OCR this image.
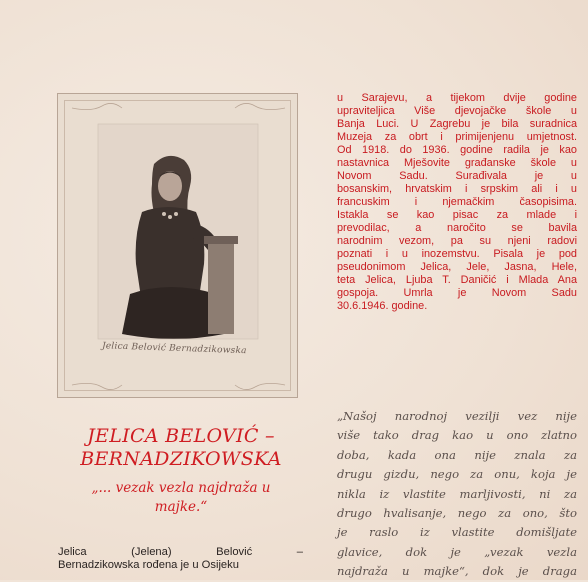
Jelica Belović Bernadzikowska
JELICA BELOVIĆ –
BERNADZIKOWSKA
„... vezak vezla najdraža u
majke.“
Jelica (Jelena) Belović –
Bernadzikowska rođena je u Osijeku
u Sarajevu, a tijekom dvije godine
upraviteljica Više djevojačke škole u
Banja Luci. U Zagrebu je bila suradnica
Muzeja za obrt i primijenjenu umjetnost.
Od 1918. do 1936. godine radila je kao
nastavnica Mješovite građanske škole u
Novom Sadu. Surađivala je u
bosanskim, hrvatskim i srpskim ali i u
francuskim i njemačkim časopisima.
Istakla se kao pisac za mlade i
prevodilac, a naročito se bavila
narodnim vezom, pa su njeni radovi
poznati i u inozemstvu. Pisala je pod
pseudonimom Jelica, Jele, Jasna, Hele,
teta Jelica, Ljuba T. Daničić i Mlada Ana
gospoja. Umrla je Novom Sadu
30.6.1946. godine.
„Našoj narodnoj vezilji vez nije
više tako drag kao u ono zlatno
doba, kada ona nije znala za
drugu gizdu, nego za onu, koja je
nikla iz vlastite marljivosti, ni za
drugo hvalisanje, nego za ono, što
je raslo iz vlastite domišljate
glavice, dok je „vezak vezla
najdraža u majke“, dok je draga
